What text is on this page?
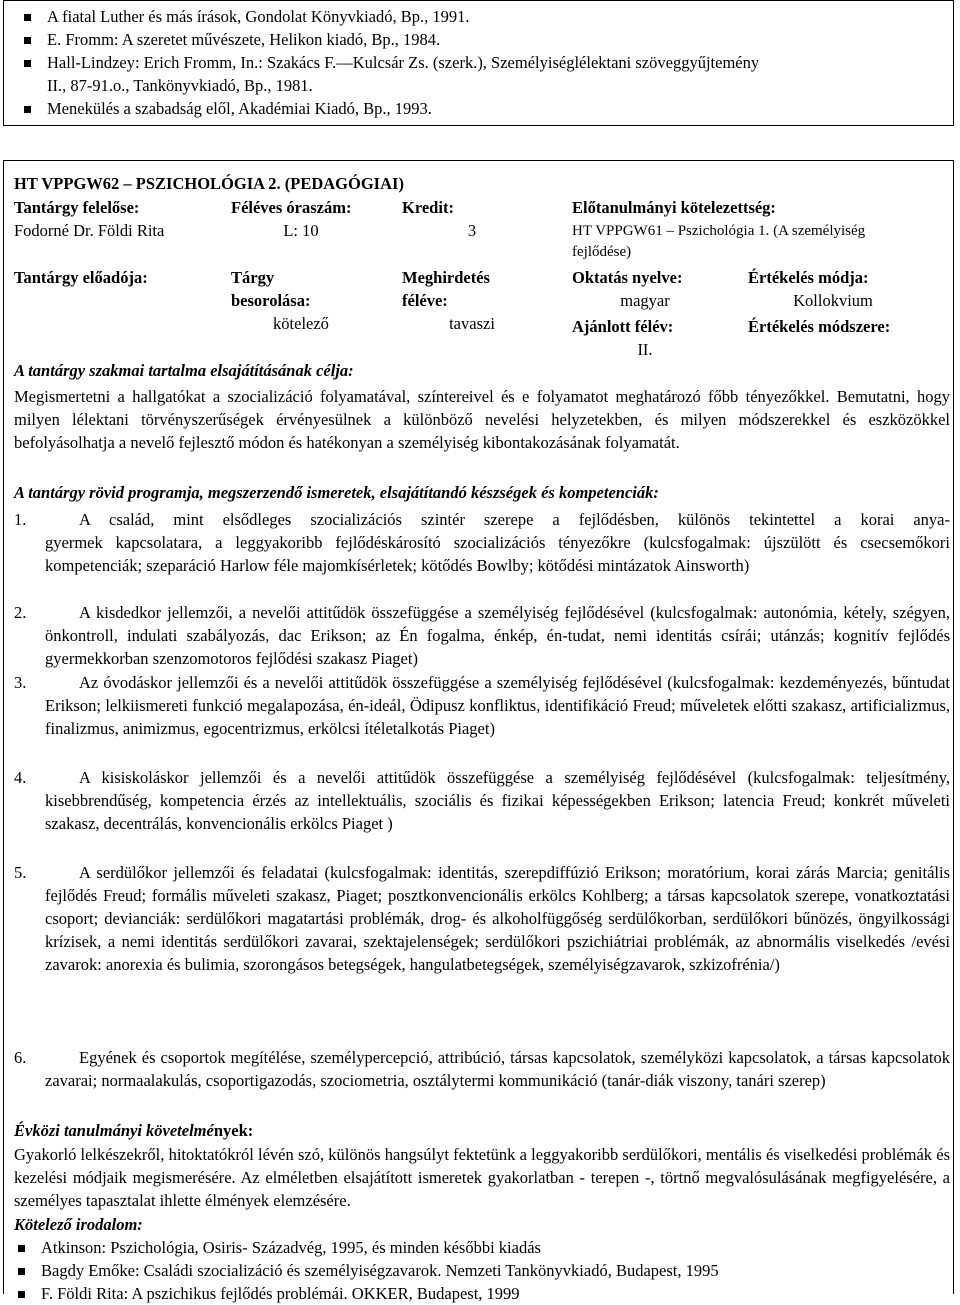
A fiatal Luther és más írások, Gondolat Könyvkiadó, Bp., 1991.
E. Fromm: A szeretet művészete, Helikon kiadó, Bp., 1984.
Hall-Lindzey: Erich Fromm, In.: Szakács F.—Kulcsár Zs. (szerk.), Személyiséglélektani szöveggyűjtemény
II., 87-91.o., Tankönyvkiadó, Bp., 1981.
Menekülés a szabadság elől, Akadémiai Kiadó, Bp., 1993.
HT VPPGW62 – PSZICHOLÓGIA 2. (PEDAGÓGIAI)
Tantárgy felelőse:
Fodorné Dr. Földi Rita
Féléves óraszám:
L: 10
Kredit:
3
Előtanulmányi kötelezettség:
HT VPPGW61 – Pszichológia 1. (A személyiség
fejlődése)
Tantárgy előadója:	Tárgy
besorolása:
kötelező
Meghirdetés
féléve:
tavaszi
Oktatás nyelve:
magyar
Értékelés módja:
Kollokvium
Ajánlott félév:
II.
Értékelés módszere:
A tantárgy szakmai tartalma elsajátításának célja:
Megismertetni a hallgatókat a szocializáció folyamatával, színtereivel és e folyamatot meghatározó főbb tényezőkkel. Bemutatni, hogy milyen lélektani törvényszerűségek érvényesülnek a különböző nevelési helyzetekben, és milyen módszerekkel és eszközökkel befolyásolhatja a nevelő fejlesztő módon és hatékonyan a személyiség kibontakozásának folyamatát.
A tantárgy rövid programja, megszerzendő ismeretek, elsajátítandó készségek és kompetenciák:
1.	A család, mint elsődleges szocializációs szintér szerepe a fejlődésben, különös tekintettel a korai anya-
gyermek kapcsolatara, a leggyakoribb fejlődéskárosító szocializációs tényezőkre (kulcsfogalmak: újszülött és csecsemőkori kompetenciák; szeparáció Harlow féle majomkísérletek; kötődés Bowlby; kötődési mintázatok Ainsworth)
2.	A kisdedkor jellemzői, a nevelői attitűdök összefüggése a személyiség fejlődésével (kulcsfogalmak: autonómia, kétely, szégyen, önkontroll, indulati szabályozás, dac Erikson; az Én fogalma, énkép, én-tudat, nemi identitás csírái; utánzás; kognitív fejlődés gyermekkorban szenzomotoros fejlődési szakasz Piaget)
3.	Az óvodáskor jellemzői és a nevelői attitűdök összefüggése a személyiség fejlődésével (kulcsfogalmak: kezdeményezés, bűntudat Erikson; lelkiismereti funkció megalapozása, én-ideál, Ödipusz konfliktus, identifikáció Freud; műveletek előtti szakasz, artificializmus, finalizmus, animizmus, egocentrizmus, erkölcsi ítéletalkotás Piaget)
4.	A kisiskoláskor jellemzői és a nevelői attitűdök összefüggése a személyiség fejlődésével (kulcsfogalmak: teljesítmény, kisebbrendűség, kompetencia érzés az intellektuális, szociális és fizikai képességekben Erikson; latencia Freud; konkrét műveleti szakasz, decentrálás, konvencionális erkölcs Piaget )
5.	A serdülőkor jellemzői és feladatai (kulcsfogalmak: identitás, szerepdiffúzió Erikson; moratórium, korai zárás Marcia; genitális fejlődés Freud; formális műveleti szakasz, Piaget; posztkonvencionális erkölcs Kohlberg; a társas kapcsolatok szerepe, vonatkoztatási csoport; devianciák: serdülőkori magatartási problémák, drog- és alkoholfüggőség serdülőkorban, serdülőkori bűnözés, öngyilkossági krízisek, a nemi identitás serdülőkori zavarai, szektajelenségek; serdülőkori pszichiátriai problémák, az abnormális viselkedés /evési zavarok: anorexia és bulimia, szorongásos betegségek, hangulatbetegségek, személyiségzavarok, szkizofrénia/)
6.	Egyének és csoportok megítélése, személypercepció, attribúció, társas kapcsolatok, személyközi kapcsolatok, a társas kapcsolatok zavarai; normaalakulás, csoportigazodás, szociometria, osztálytermi kommunikáció (tanár-diák viszony, tanári szerep)
Évközi tanulmányi követelmények:
Gyakorló lelkészekről, hitoktatókról lévén szó, különös hangsúlyt fektetünk a leggyakoribb serdülőkori, mentális és viselkedési problémák és kezelési módjaik megismerésére. Az elméletben elsajátított ismeretek gyakorlatban - terepen -, törtnő megvalósulásának megfigyelésére, a személyes tapasztalat ihlette élmények elemzésére.
Kötelező irodalom:
Atkinson: Pszichológia, Osiris- Századvég, 1995, és minden későbbi kiadás
Bagdy Emőke: Családi szocializáció és személyiségzavarok. Nemzeti Tankönyvkiadó, Budapest, 1995
F. Földi Rita: A pszichikus fejlődés problémái. OKKER, Budapest, 1999
